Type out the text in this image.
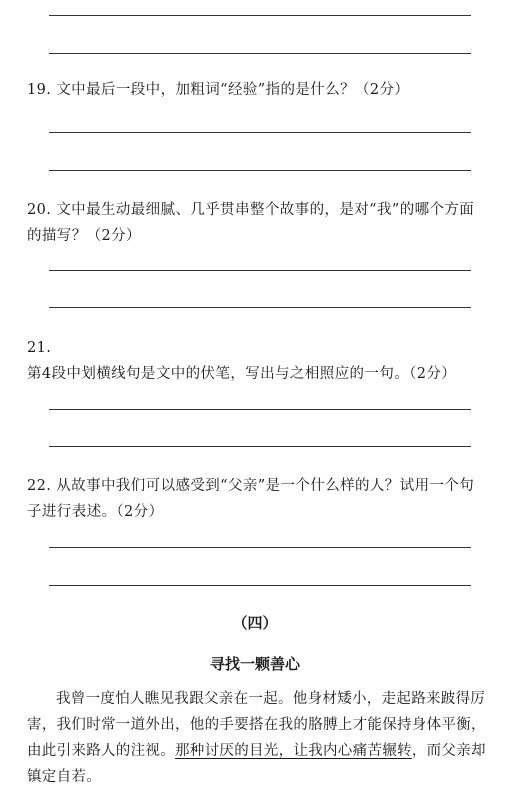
19. 文中最后一段中，加粗词“经验”指的是什么？（2分）
20. 文中最生动最细腻、几乎贯串整个故事的，是对“我”的哪个方面的描写？（2分）
21. 第4段中划横线句是文中的伏笔，写出与之相照应的一句。（2分）
22. 从故事中我们可以感受到“父亲”是一个什么样的人？试用一个句子进行表述。（2分）
（四）
寻找一颗善心
我曾一度怕人瞧见我跟父亲在一起。他身材矮小，走起路来跛得厉害，我们时常一道外出，他的手要搭在我的胳膊上才能保持身体平衡，由此引来路人的注视。那种讨厌的目光，让我内心痛苦辗转，而父亲却镇定自若。
